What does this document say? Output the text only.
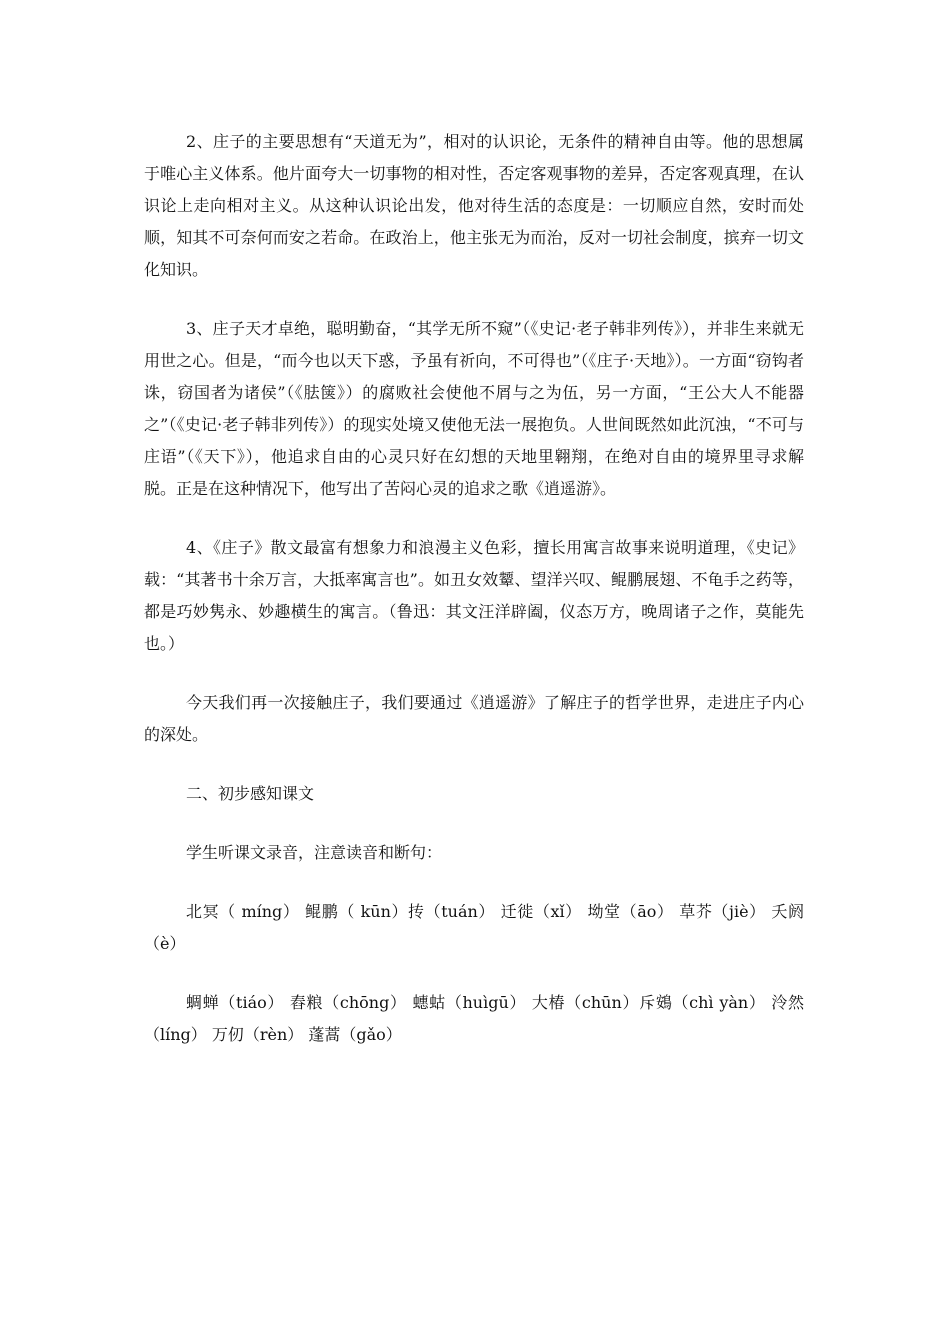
2、庄子的主要思想有“天道无为”，相对的认识论，无条件的精神自由等。他的思想属于唯心主义体系。他片面夸大一切事物的相对性，否定客观事物的差异，否定客观真理，在认识论上走向相对主义。从这种认识论出发，他对待生活的态度是：一切顺应自然，安时而处顺，知其不可奈何而安之若命。在政治上，他主张无为而治，反对一切社会制度，摈弃一切文化知识。

3、庄子天才卓绝，聪明勤奋，“其学无所不窥”（《史记·老子韩非列传》），并非生来就无用世之心。但是，“而今也以天下惑，予虽有祈向，不可得也”（《庄子·天地》）。一方面“窃钩者诛，窃国者为诸侯”（《胠箧》）的腐败社会使他不屑与之为伍，另一方面，“王公大人不能器之”（《史记·老子韩非列传》）的现实处境又使他无法一展抱负。人世间既然如此沉浊，“不可与庄语”（《天下》），他追求自由的心灵只好在幻想的天地里翱翔，在绝对自由的境界里寻求解脱。正是在这种情况下，他写出了苦闷心灵的追求之歌《逍遥游》。

4、《庄子》散文最富有想象力和浪漫主义色彩，擅长用寓言故事来说明道理，《史记》载：“其著书十余万言，大抵率寓言也”。如丑女效颦、望洋兴叹、鲲鹏展翅、不龟手之药等，都是巧妙隽永、妙趣横生的寓言。（鲁迅：其文汪洋辟阖，仪态万方，晚周诸子之作，莫能先也。）

今天我们再一次接触庄子，我们要通过《逍遥游》了解庄子的哲学世界，走进庄子内心的深处。

二、初步感知课文

学生听课文录音，注意读音和断句：

北冥（ míng） 鲲鹏（ kūn）抟（tuán） 迁徙（xǐ） 坳堂（āo） 草芥（jiè） 夭阏（è）

蜩蝉（tiáo） 舂粮（chōng） 蟪蛄（huìgū） 大椿（chūn）斥鴳（chì yàn） 泠然（líng） 万仞（rèn） 蓬蒿（gǎo）
